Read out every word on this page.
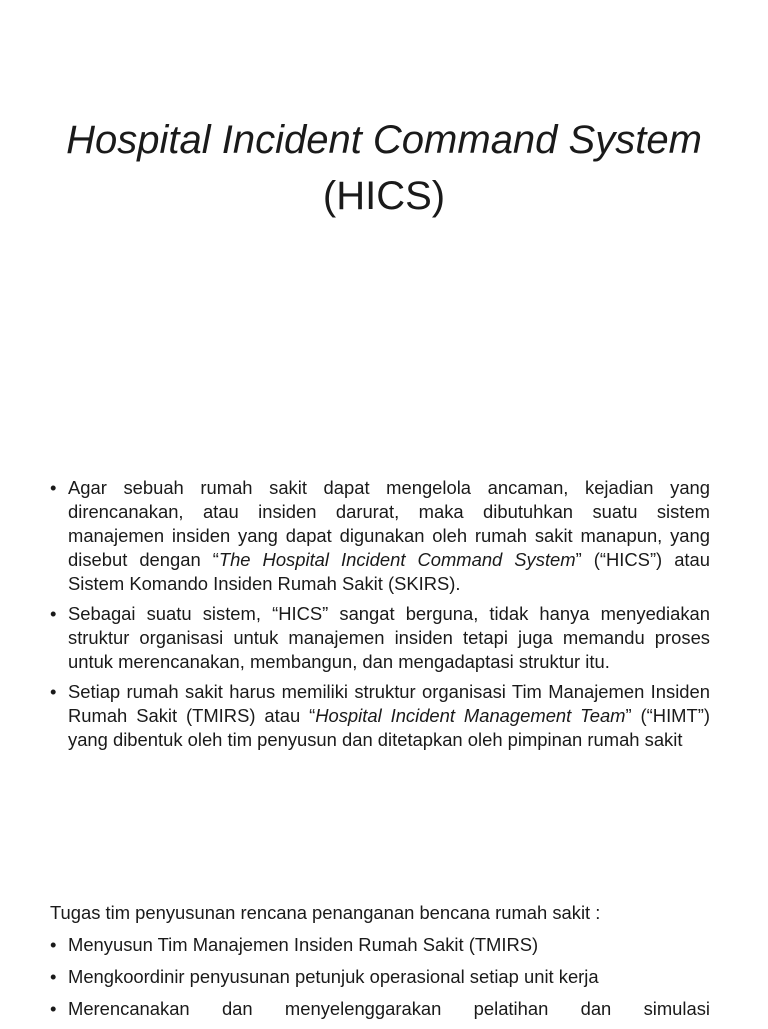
Hospital Incident Command System (HICS)
• Agar sebuah rumah sakit dapat mengelola ancaman, kejadian yang direncanakan, atau insiden darurat, maka dibutuhkan suatu sistem manajemen insiden yang dapat digunakan oleh rumah sakit manapun, yang disebut dengan “The Hospital Incident Command System” (“HICS”) atau Sistem Komando Insiden Rumah Sakit (SKIRS).
• Sebagai suatu sistem, “HICS” sangat berguna, tidak hanya menyediakan struktur organisasi untuk manajemen insiden tetapi juga memandu proses untuk merencanakan, membangun, dan mengadaptasi struktur itu.
• Setiap rumah sakit harus memiliki struktur organisasi Tim Manajemen Insiden Rumah Sakit (TMIRS) atau “Hospital Incident Management Team” (“HIMT”) yang dibentuk oleh tim penyusun dan ditetapkan oleh pimpinan rumah sakit

Tugas tim penyusunan rencana penanganan bencana rumah sakit :

• Menyusun Tim Manajemen Insiden Rumah Sakit (TMIRS)
• Mengkoordinir penyusunan petunjuk operasional setiap unit kerja
• Merencanakan dan menyelenggarakan pelatihan dan simulasi
